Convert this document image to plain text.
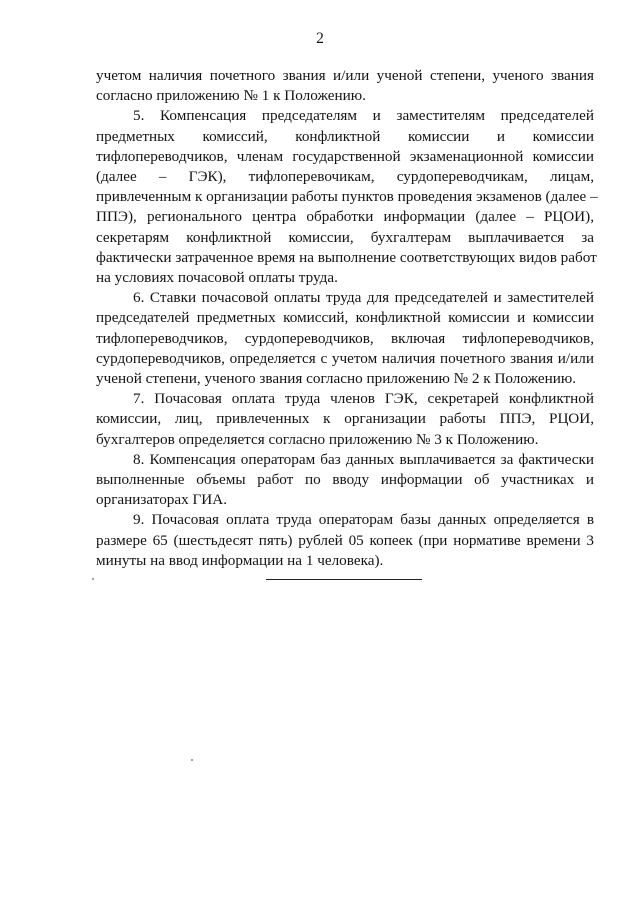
2
учетом наличия почетного звания и/или ученой степени, ученого звания
согласно приложению № 1 к Положению.
5. Компенсация председателям и заместителям председателей
предметных комиссий, конфликтной комиссии и комиссии
тифлопереводчиков, членам государственной экзаменационной комиссии
(далее – ГЭК), тифлоперевочикам, сурдопереводчикам, лицам,
привлеченным к организации работы пунктов проведения экзаменов (далее –
ППЭ), регионального центра обработки информации (далее – РЦОИ),
секретарям конфликтной комиссии, бухгалтерам выплачивается за
фактически затраченное время на выполнение соответствующих видов работ
на условиях почасовой оплаты труда.
6. Ставки почасовой оплаты труда для председателей и заместителей
председателей предметных комиссий, конфликтной комиссии и комиссии
тифлопереводчиков, сурдопереводчиков, включая тифлопереводчиков,
сурдопереводчиков, определяется с учетом наличия почетного звания и/или
ученой степени, ученого звания согласно приложению № 2 к Положению.
7. Почасовая оплата труда членов ГЭК, секретарей конфликтной
комиссии, лиц, привлеченных к организации работы ППЭ, РЦОИ,
бухгалтеров определяется согласно приложению № 3 к Положению.
8. Компенсация операторам баз данных выплачивается за фактически
выполненные объемы работ по вводу информации об участниках и
организаторах ГИА.
9. Почасовая оплата труда операторам базы данных определяется в
размере 65 (шестьдесят пять) рублей 05 копеек (при нормативе времени 3
минуты на ввод информации на 1 человека).
